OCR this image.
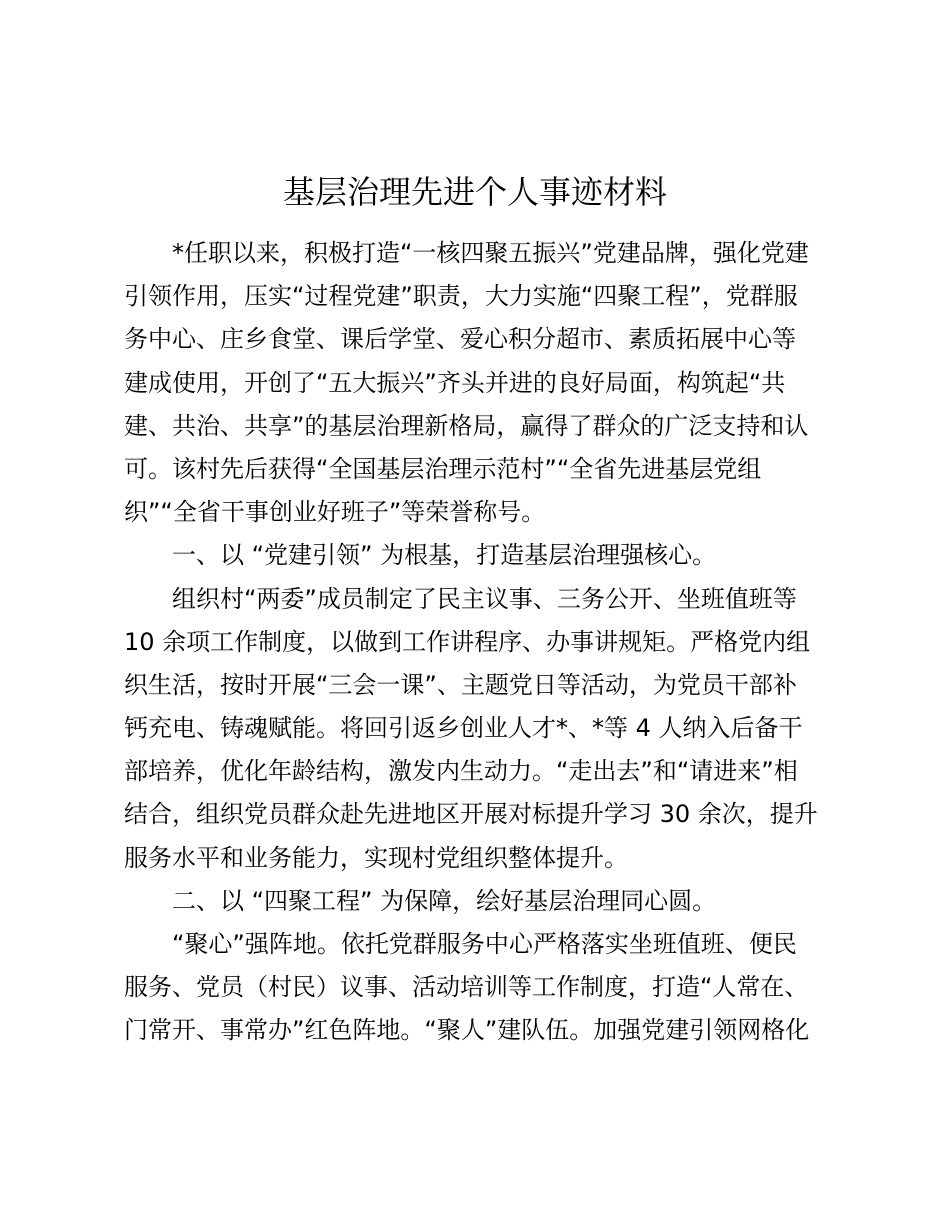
基层治理先进个人事迹材料
*任职以来，积极打造“一核四聚五振兴”党建品牌，强化党建
引领作用，压实“过程党建”职责，大力实施“四聚工程”，党群服
务中心、庄乡食堂、课后学堂、爱心积分超市、素质拓展中心等
建成使用，开创了“五大振兴”齐头并进的良好局面，构筑起“共
建、共治、共享”的基层治理新格局，赢得了群众的广泛支持和认
可。该村先后获得“全国基层治理示范村”“全省先进基层党组
织”“全省干事创业好班子”等荣誉称号。
一、以 “党建引领” 为根基，打造基层治理强核心。
组织村“两委”成员制定了民主议事、三务公开、坐班值班等
10 余项工作制度，以做到工作讲程序、办事讲规矩。严格党内组
织生活，按时开展“三会一课”、主题党日等活动，为党员干部补
钙充电、铸魂赋能。将回引返乡创业人才*、*等 4 人纳入后备干
部培养，优化年龄结构，激发内生动力。“走出去”和“请进来”相
结合，组织党员群众赴先进地区开展对标提升学习 30 余次，提升
服务水平和业务能力，实现村党组织整体提升。
二、以 “四聚工程” 为保障，绘好基层治理同心圆。
“聚心”强阵地。依托党群服务中心严格落实坐班值班、便民
服务、党员（村民）议事、活动培训等工作制度，打造“人常在、
门常开、事常办”红色阵地。“聚人”建队伍。加强党建引领网格化
